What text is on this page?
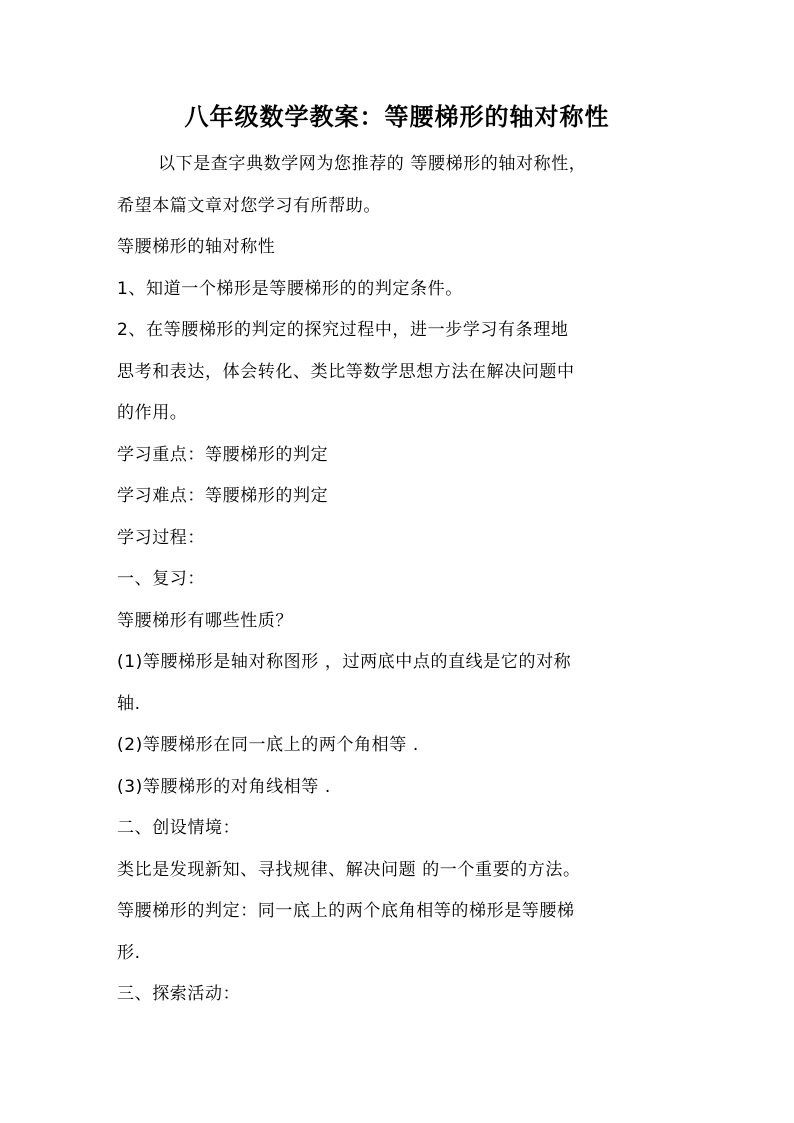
八年级数学教案：等腰梯形的轴对称性
以下是查字典数学网为您推荐的 等腰梯形的轴对称性，
希望本篇文章对您学习有所帮助。
等腰梯形的轴对称性
1、知道一个梯形是等腰梯形的的判定条件。
2、在等腰梯形的判定的探究过程中，进一步学习有条理地
思考和表达，体会转化、类比等数学思想方法在解决问题中
的作用。
学习重点：等腰梯形的判定
学习难点：等腰梯形的判定
学习过程：
一、复习：
等腰梯形有哪些性质？
(1)等腰梯形是轴对称图形 ，过两底中点的直线是它的对称
轴.
(2)等腰梯形在同一底上的两个角相等 .
(3)等腰梯形的对角线相等 .
二、创设情境：
类比是发现新知、寻找规律、解决问题 的一个重要的方法。
等腰梯形的判定：同一底上的两个底角相等的梯形是等腰梯
形.
三、探索活动：
